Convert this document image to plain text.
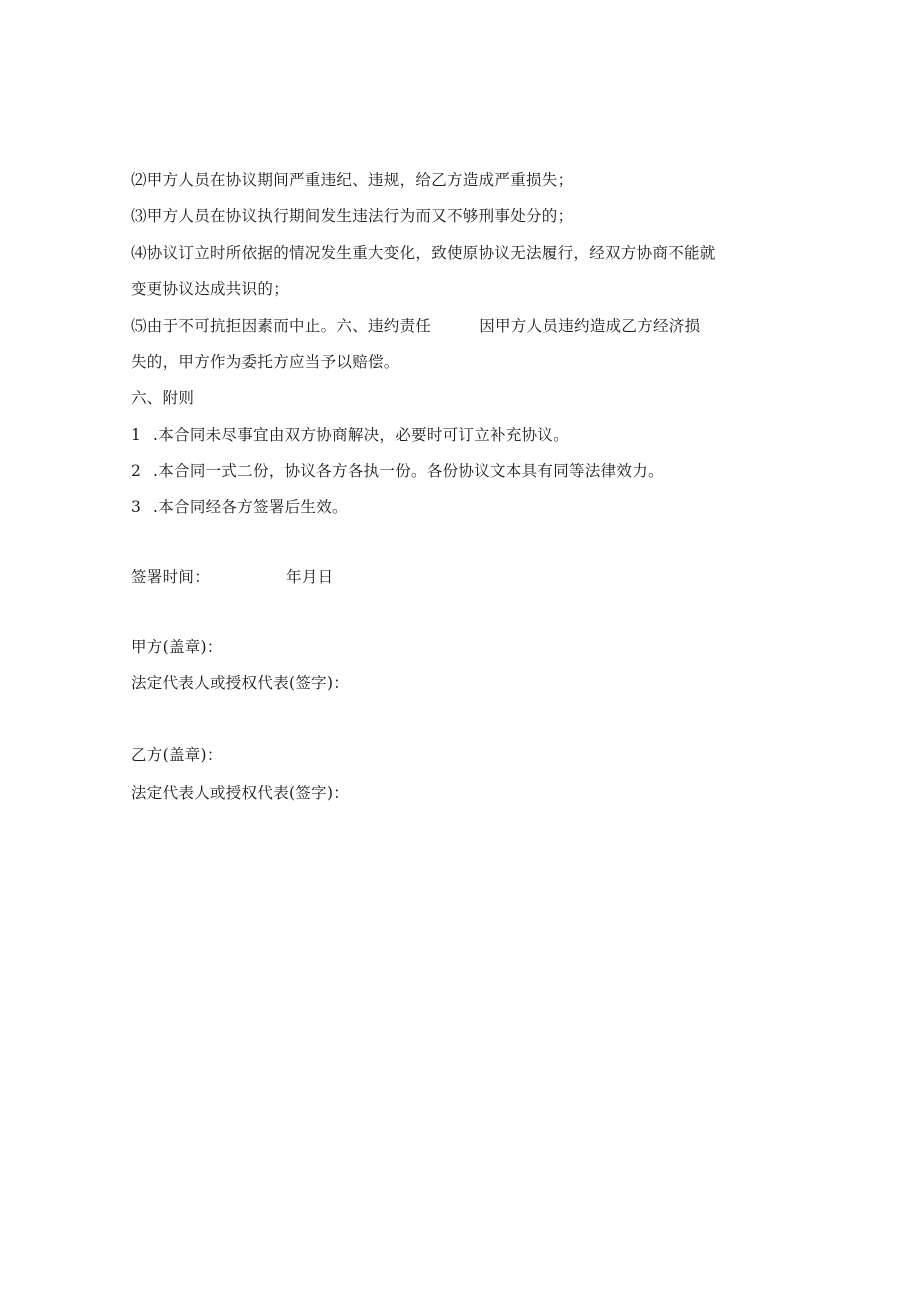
⑵甲方人员在协议期间严重违纪、违规，给乙方造成严重损失；
⑶甲方人员在协议执行期间发生违法行为而又不够刑事处分的；
⑷协议订立时所依据的情况发生重大变化，致使原协议无法履行，经双方协商不能就
变更协议达成共识的；
⑸由于不可抗拒因素而中止。六、违约责任	因甲方人员违约造成乙方经济损
失的，甲方作为委托方应当予以赔偿。
六、附则
1 .本合同未尽事宜由双方协商解决，必要时可订立补充协议。
2 .本合同一式二份，协议各方各执一份。各份协议文本具有同等法律效力。
3 .本合同经各方签署后生效。
签署时间：	年月日
甲方(盖章)：
法定代表人或授权代表(签字)：
乙方(盖章)：
法定代表人或授权代表(签字)：
